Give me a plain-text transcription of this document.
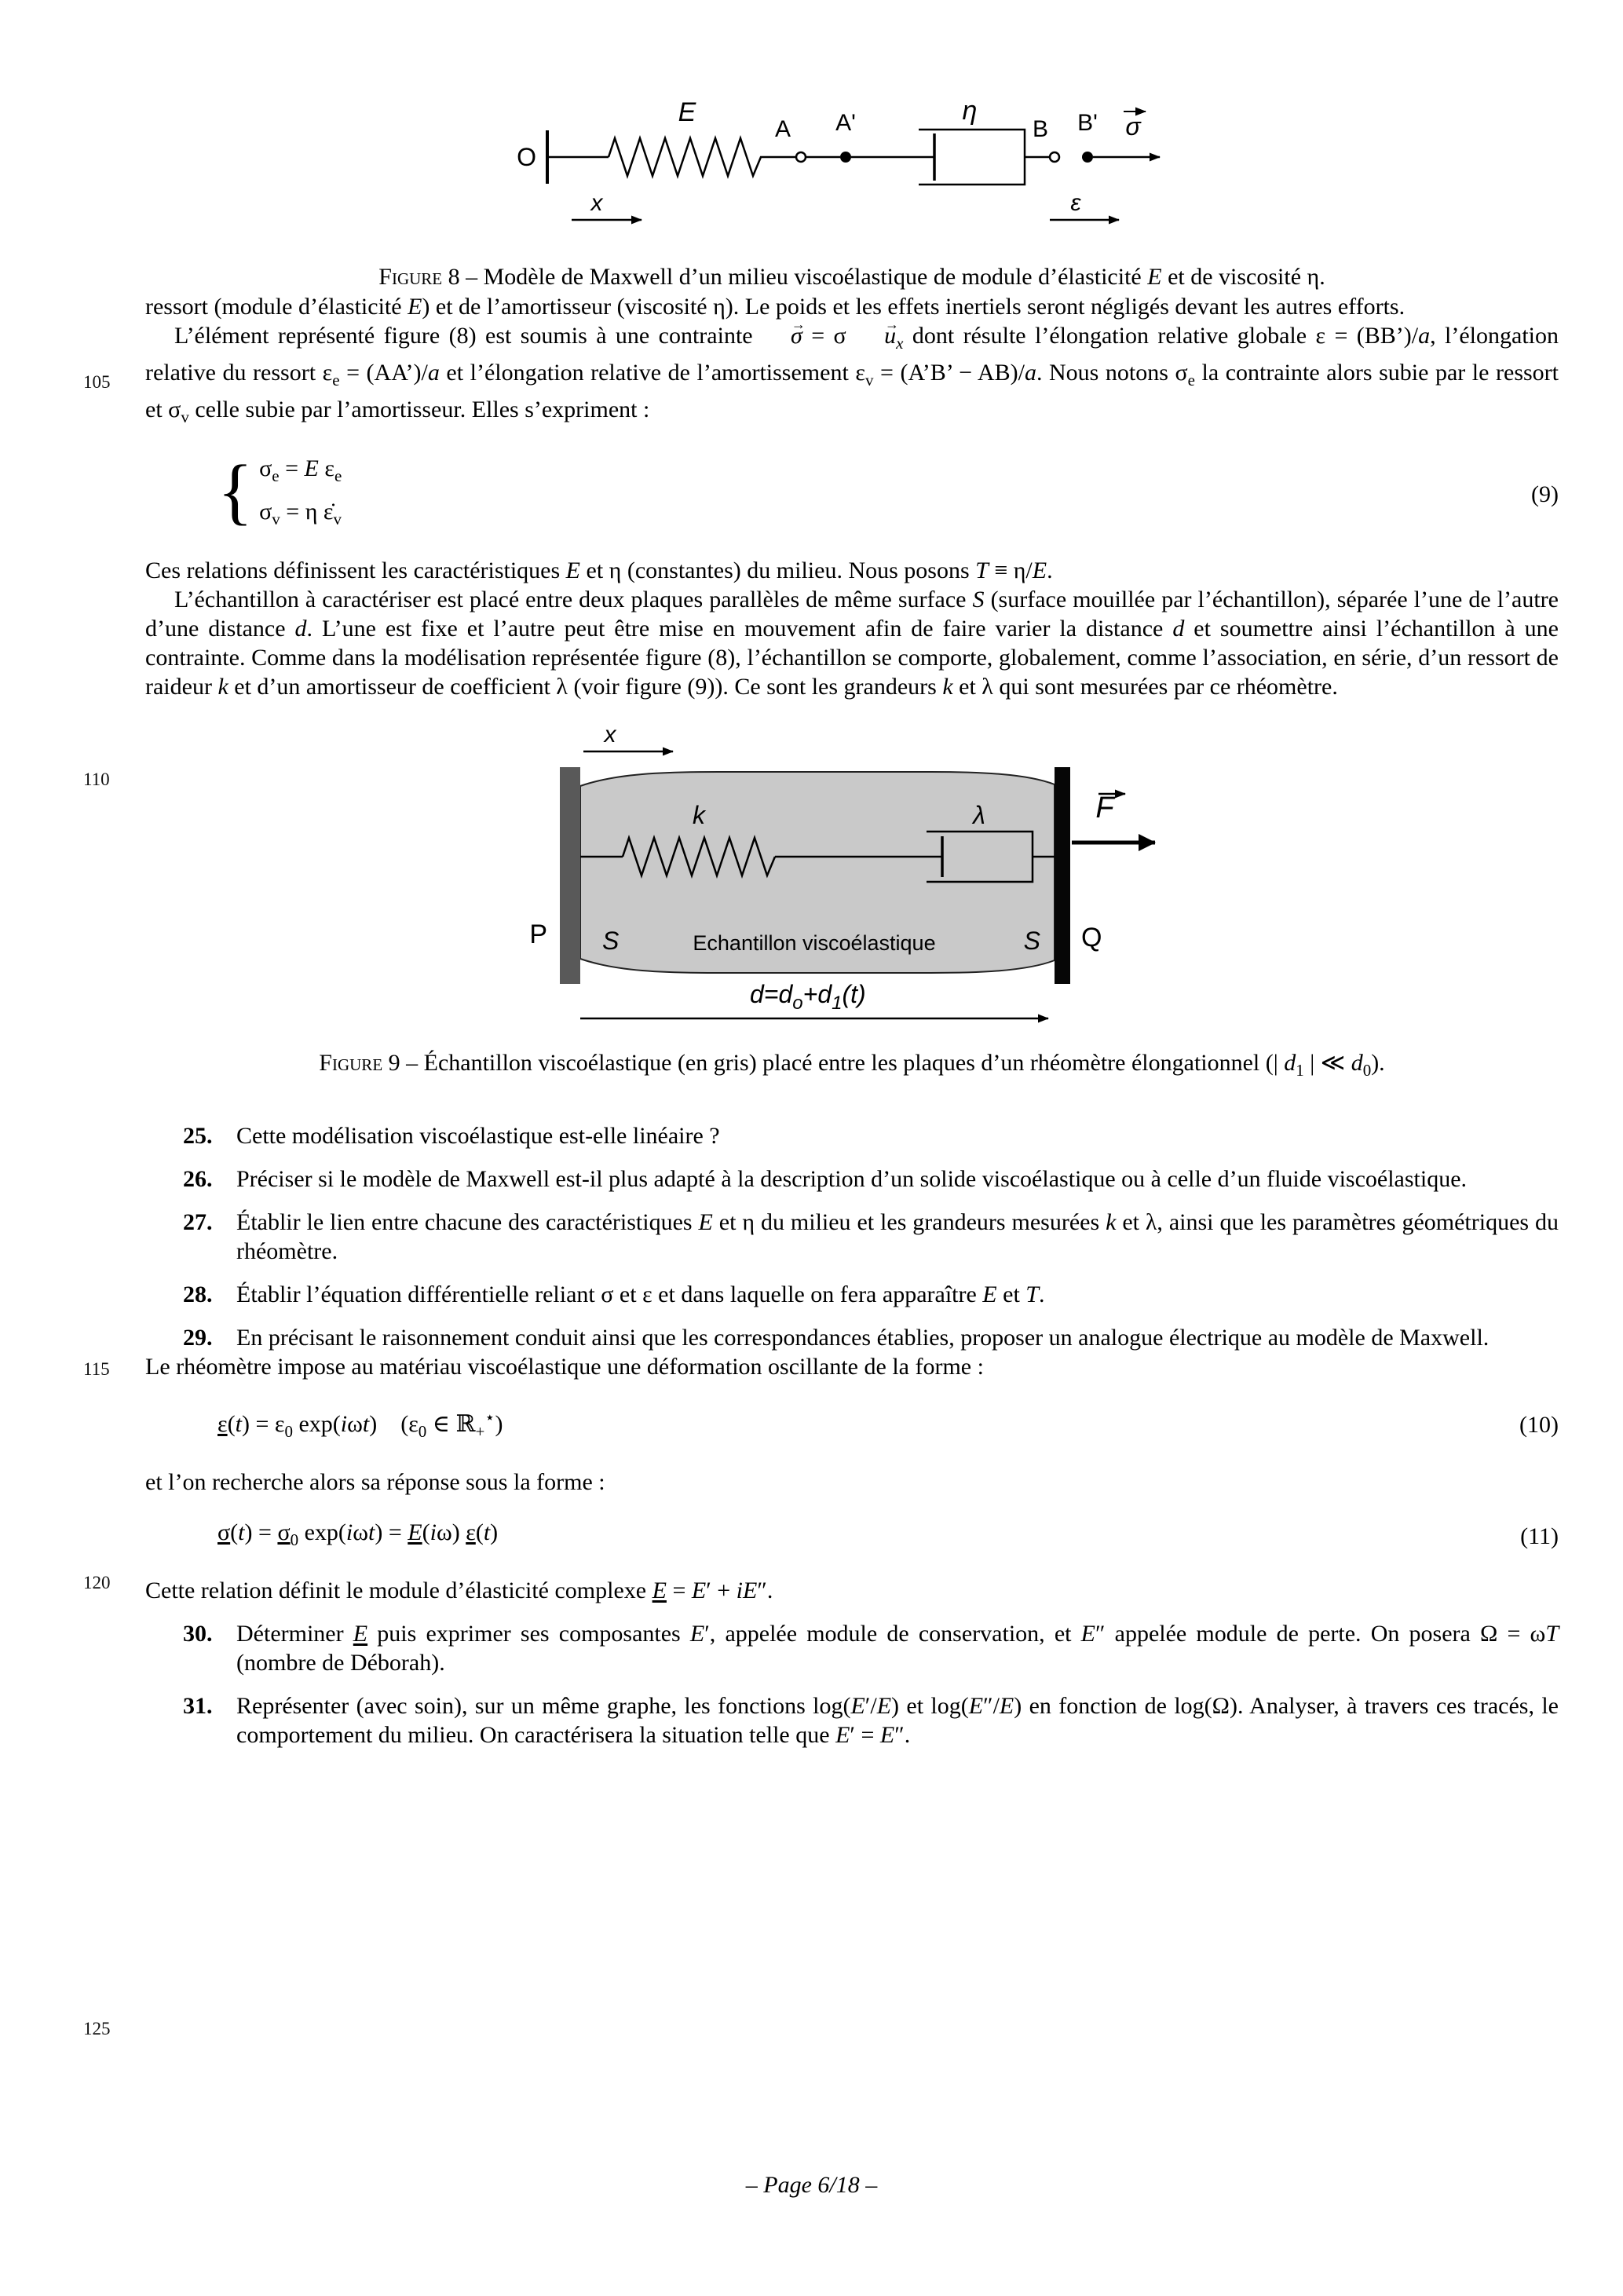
105
110
115
120
125
O
E
A A'	η
B B' σ
x	ε
Figure 8 – Modèle de Maxwell d’un milieu viscoélastique de module d’élasticité E et de viscosité η.

ressort (module d’élasticité E) et de l’amortisseur (viscosité η). Le poids et les effets inertiels seront négligés devant les autres efforts.

L’élément représenté figure (8) est soumis à une contrainte σ → = σ $u \to_x$ dont résulte l’élongation relative globale ε = (BB’)/a, l’élongation relative du ressort $\varepsilon_e$ = (AA’)/a et l’élongation relative de l’amortissement $\varepsilon_v$ = (A’B’ − AB)/a. Nous notons $\sigma_e$ la contrainte alors subie par le ressort et $\sigma_v$ celle subie par l’amortisseur. Elles s’expriment :

{ $\sigma_e = E$ $\varepsilon_e$
$\sigma_v = \eta$ $\varepsiloṅ_v$
(9)

Ces relations définissent les caractéristiques E et η (constantes) du milieu. Nous posons T ≡ η/E.

L’échantillon à caractériser est placé entre deux plaques parallèles de même surface S (surface mouillée par l’échantillon), séparée l’une de l’autre d’une distance d. L’une est fixe et l’autre peut être mise en mouvement afin de faire varier la distance d et soumettre ainsi l’échantillon à une contrainte. Comme dans la modélisation représentée figure (8), l’échantillon se comporte, globalement, comme l’association, en série, d’un ressort de raideur k et d’un amortisseur de coefficient λ (voir figure (9)). Ce sont les grandeurs k et λ qui sont mesurées par ce rhéomètre.

x
P	Q
k	λ	F
S	S
Echantillon viscoélastique
$d=d_o+d_1(t)$
Figure 9 – Échantillon viscoélastique (en gris) placé entre les plaques d’un rhéomètre élongationnel (| $d_1$ | ≪ $d_0$).
25.	Cette modélisation viscoélastique est-elle linéaire ?
26.	Préciser si le modèle de Maxwell est-il plus adapté à la description d’un solide viscoélastique ou à celle d’un fluide viscoélastique.
27.	Établir le lien entre chacune des caractéristiques E et η du milieu et les grandeurs mesurées k et λ, ainsi que les paramètres géométriques du rhéomètre.
28.	Établir l’équation différentielle reliant σ et ε et dans laquelle on fera apparaître E et T.
29.	En précisant le raisonnement conduit ainsi que les correspondances établies, proposer un analogue électrique au modèle de Maxwell.

Le rhéomètre impose au matériau viscoélastique une déformation oscillante de la forme :

$\varepsilon(t) = \varepsilon_0$ exp(iωt)    ($\varepsilon_0$ ∈ ℝ$_+$⋆)	(10)

et l’on recherche alors sa réponse sous la forme :

$\sigma(t) = \sigma_0$ exp(iωt) = E(iω) ε(t)	(11)

Cette relation définit le module d’élasticité complexe E = E′ + iE″.

30.	Déterminer E puis exprimer ses composantes E′, appelée module de conservation, et E″ appelée module de perte. On posera Ω = ωT (nombre de Déborah).
31.	Représenter (avec soin), sur un même graphe, les fonctions log(E′/E) et log(E″/E) en fonction de log(Ω). Analyser, à travers ces tracés, le comportement du milieu. On caractérisera la situation telle que E′ = E″.
– Page 6/18 –
